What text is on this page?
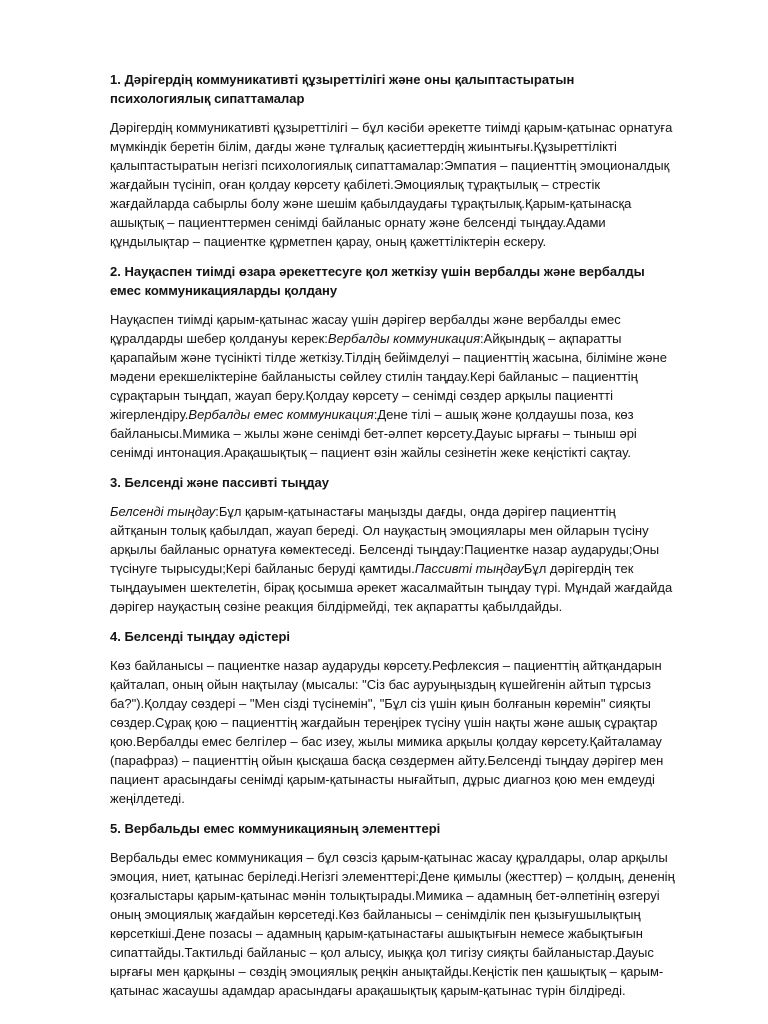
1. Дәрігердің коммуникативті құзыреттілігі және оны қалыптастыратын психологиялық сипаттамалар

Дәрігердің коммуникативті құзыреттілігі – бұл кәсіби әрекетте тиімді қарым-қатынас орнатуға мүмкіндік беретін білім, дағды және тұлғалық қасиеттердің жиынтығы.Құзыреттілікті қалыптастыратын негізгі психологиялық сипаттамалар:Эмпатия – пациенттің эмоционалдық жағдайын түсініп, оған қолдау көрсету қабілеті.Эмоциялық тұрақтылық – стрестік жағдайларда сабырлы болу және шешім қабылдаудағы тұрақтылық.Қарым-қатынасқа ашықтық – пациенттермен сенімді байланыс орнату және белсенді тыңдау.Адами құндылықтар – пациентке құрметпен қарау, оның қажеттіліктерін ескеру.

2. Науқаспен тиімді өзара әрекеттесуге қол жеткізу үшін вербалды және вербалды емес коммуникацияларды қолдану

Науқаспен тиімді қарым-қатынас жасау үшін дәрігер вербалды және вербалды емес құралдарды шебер қолдануы керек:Вербалды коммуникация:Айқындық – ақпаратты қарапайым және түсінікті тілде жеткізу.Тілдің бейімделуі – пациенттің жасына, біліміне және мәдени ерекшеліктеріне байланысты сөйлеу стилін таңдау.Кері байланыс – пациенттің сұрақтарын тыңдап, жауап беру.Қолдау көрсету – сенімді сөздер арқылы пациентті жігерлендіру.Вербалды емес коммуникация:Дене тілі – ашық және қолдаушы поза, көз байланысы.Мимика – жылы және сенімді бет-әлпет көрсету.Дауыс ырғағы – тыныш әрі сенімді интонация.Арақашықтық – пациент өзін жайлы сезінетін жеке кеңістікті сақтау.

3. Белсенді және пассивті тыңдау

Белсенді тыңдау:Бұл қарым-қатынастағы маңызды дағды, онда дәрігер пациенттің айтқанын толық қабылдап, жауап береді. Ол науқастың эмоциялары мен ойларын түсіну арқылы байланыс орнатуға көмектеседі. Белсенді тыңдау:Пациентке назар аударуды;Оны түсінуге тырысуды;Кері байланыс беруді қамтиды.Пассивті тыңдауБұл дәрігердің тек тыңдауымен шектелетін, бірақ қосымша әрекет жасалмайтын тыңдау түрі. Мұндай жағдайда дәрігер науқастың сөзіне реакция білдірмейді, тек ақпаратты қабылдайды.

4. Белсенді тыңдау әдістері

Көз байланысы – пациентке назар аударуды көрсету.Рефлексия – пациенттің айтқандарын қайталап, оның ойын нақтылау (мысалы: "Сіз бас ауруыңыздың күшейгенін айтып тұрсыз ба?").Қолдау сөздері – "Мен сізді түсінемін", "Бұл сіз үшін қиын болғанын көремін" сияқты сөздер.Сұрақ қою – пациенттің жағдайын тереңірек түсіну үшін нақты және ашық сұрақтар қою.Вербалды емес белгілер – бас изеу, жылы мимика арқылы қолдау көрсету.Қайталамау (парафраз) – пациенттің ойын қысқаша басқа сөздермен айту.Белсенді тыңдау дәрігер мен пациент арасындағы сенімді қарым-қатынасты нығайтып, дұрыс диагноз қою мен емдеуді жеңілдетеді.

5. Вербальды емес коммуникацияның элементтері

Вербальды емес коммуникация – бұл сөзсіз қарым-қатынас жасау құралдары, олар арқылы эмоция, ниет, қатынас беріледі.Негізгі элементтері:Дене қимылы (жесттер) – қолдың, дененің қозғалыстары қарым-қатынас мәнін толықтырады.Мимика – адамның бет-әлпетінің өзгеруі оның эмоциялық жағдайын көрсетеді.Көз байланысы – сенімділік пен қызығушылықтың көрсеткіші.Дене позасы – адамның қарым-қатынастағы ашықтығын немесе жабықтығын сипаттайды.Тактильді байланыс – қол алысу, иыққа қол тигізу сияқты байланыстар.Дауыс ырғағы мен қарқыны – сөздің эмоциялық реңкін анықтайды.Кеңістік пен қашықтық – қарым-қатынас жасаушы адамдар арасындағы арақашықтық қарым-қатынас түрін білдіреді.
